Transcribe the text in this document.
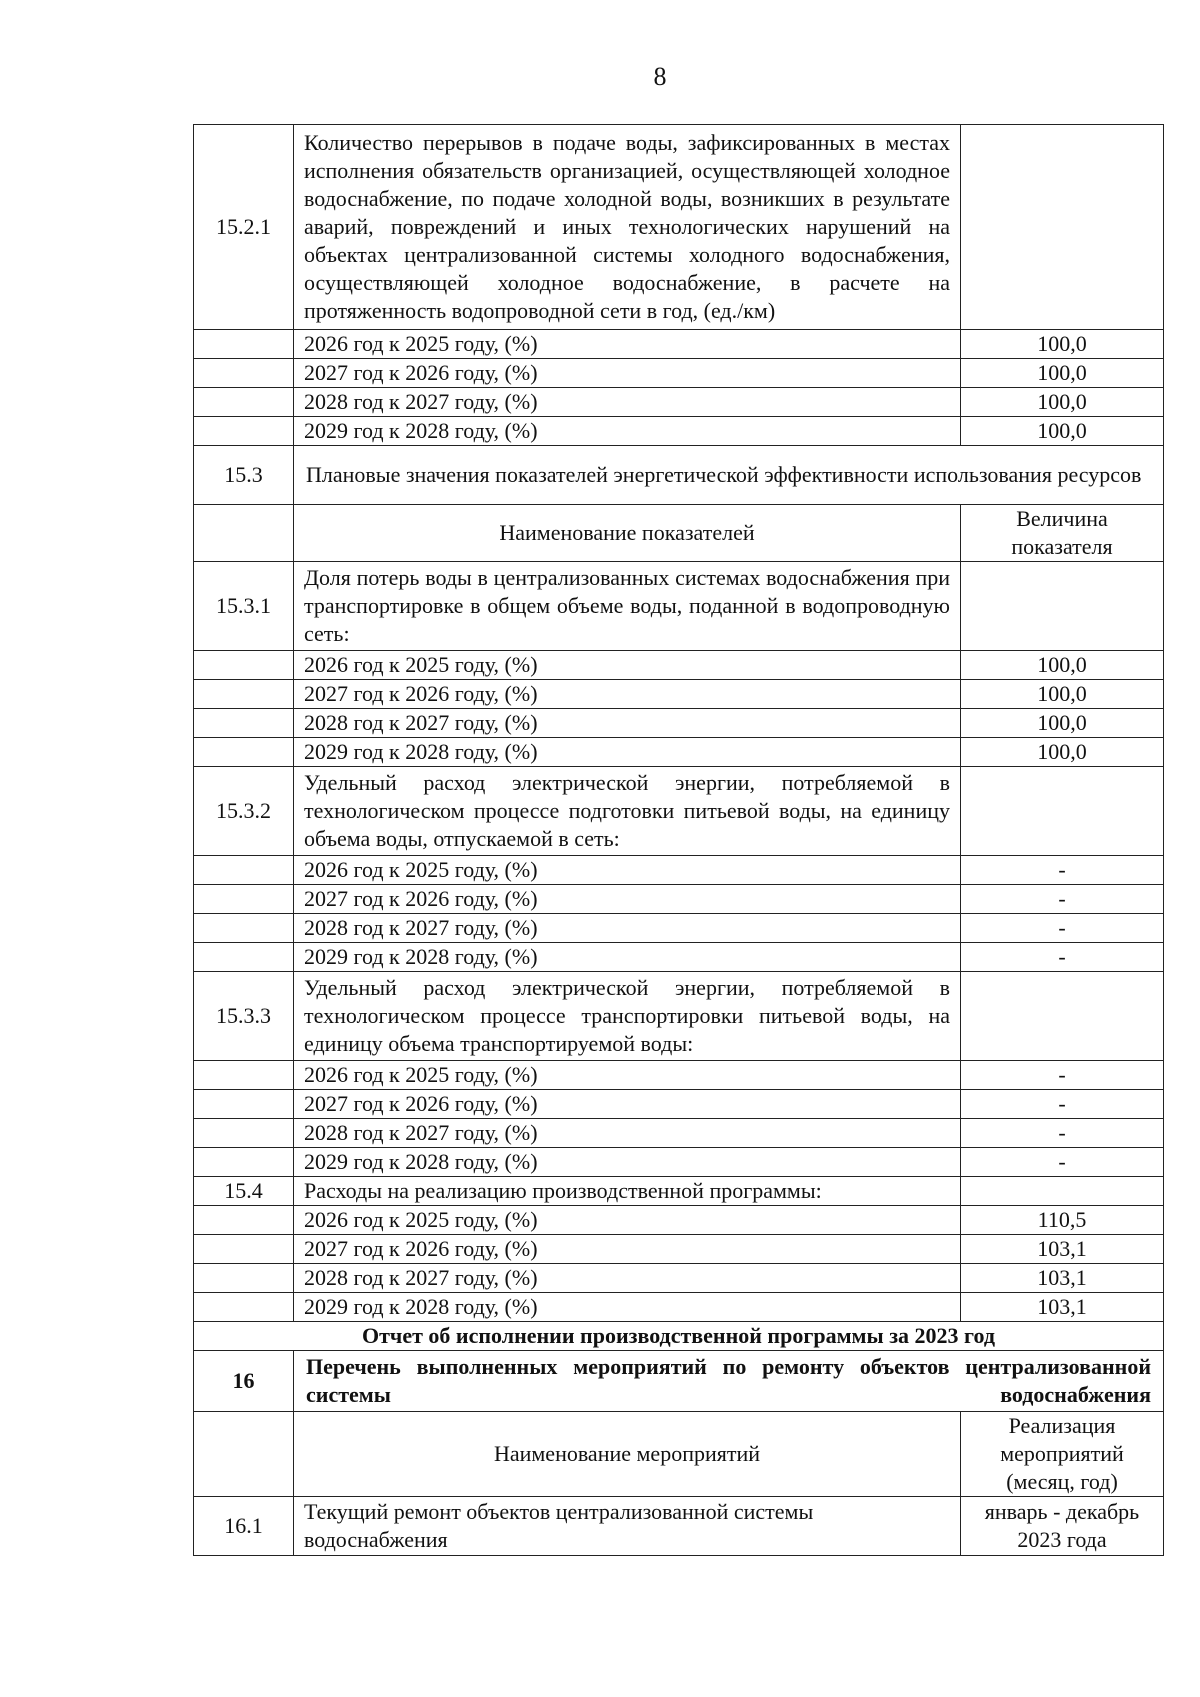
8
15.2.1	Количество перерывов в подаче воды, зафиксированных в местах исполнения обязательств организацией, осуществляющей холодное водоснабжение, по подаче холодной воды, возникших в результате аварий, повреждений и иных технологических нарушений на объектах централизованной системы холодного водоснабжения, осуществляющей холодное водоснабжение, в расчете на протяженность водопроводной сети в год, (ед./км)	
	2026 год к 2025 году, (%)	100,0
	2027 год к 2026 году, (%)	100,0
	2028 год к 2027 году, (%)	100,0
	2029 год к 2028 году, (%)	100,0
15.3	Плановые значения показателей энергетической эффективности использования ресурсов	
	Наименование показателей	Величина показателя
15.3.1	Доля потерь воды в централизованных системах водоснабжения при транспортировке в общем объеме воды, поданной в водопроводную сеть:	
	2026 год к 2025 году, (%)	100,0
	2027 год к 2026 году, (%)	100,0
	2028 год к 2027 году, (%)	100,0
	2029 год к 2028 году, (%)	100,0
15.3.2	Удельный расход электрической энергии, потребляемой в технологическом процессе подготовки питьевой воды, на единицу объема воды, отпускаемой в сеть:	
	2026 год к 2025 году, (%)	-
	2027 год к 2026 году, (%)	-
	2028 год к 2027 году, (%)	-
	2029 год к 2028 году, (%)	-
15.3.3	Удельный расход электрической энергии, потребляемой в технологическом процессе транспортировки питьевой воды, на единицу объема транспортируемой воды:	
	2026 год к 2025 году, (%)	-
	2027 год к 2026 году, (%)	-
	2028 год к 2027 году, (%)	-
	2029 год к 2028 году, (%)	-
15.4	Расходы на реализацию производственной программы:	
	2026 год к 2025 году, (%)	110,5
	2027 год к 2026 году, (%)	103,1
	2028 год к 2027 году, (%)	103,1
	2029 год к 2028 году, (%)	103,1
Отчет об исполнении производственной программы за 2023 год		
16	Перечень выполненных мероприятий по ремонту объектов централизованной системы водоснабжения	
	Наименование мероприятий	Реализация мероприятий (месяц, год)
16.1	Текущий ремонт объектов централизованной системы водоснабжения	январь - декабрь 2023 года
